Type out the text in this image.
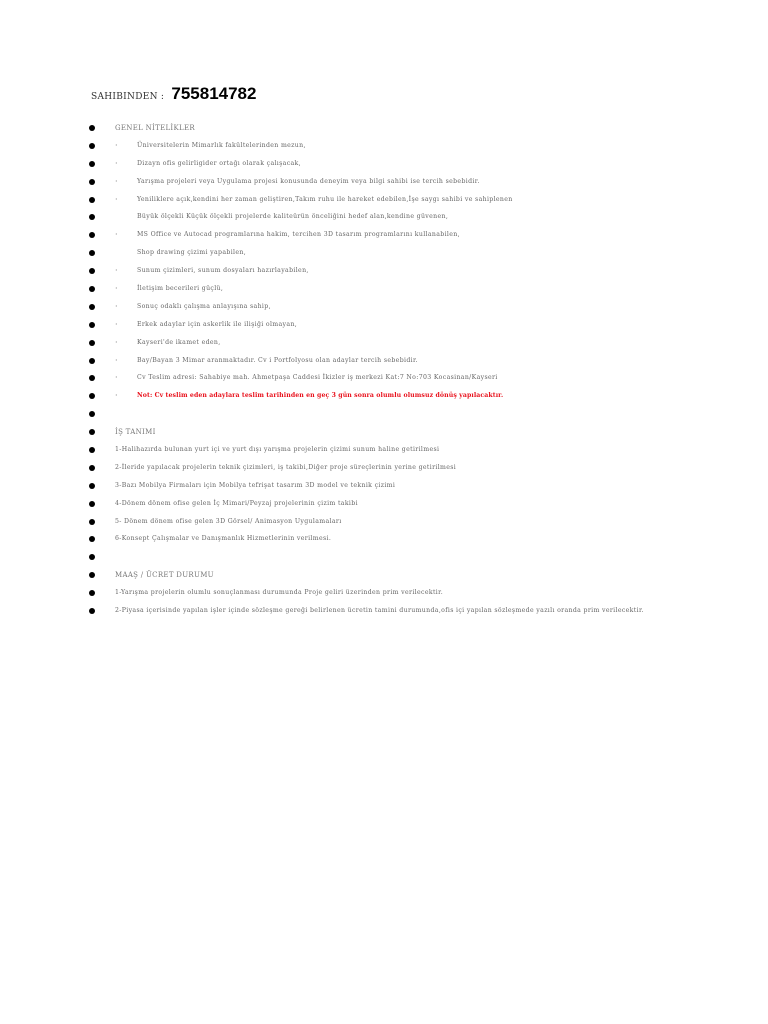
SAHIBINDEN : 755814782
GENEL NİTELİKLER
·	Üniversitelerin Mimarlık fakültelerinden mezun,
·	Dizayn ofis gelirligider ortağı olarak çalışacak,
·	Yarışma projeleri veya Uygulama projesi konusunda deneyim veya bilgi sahibi ise tercih sebebidir.
·	Yeniliklere açık,kendini her zaman geliştiren,Takım ruhu ile hareket edebilen,İşe saygı sahibi ve sahiplenen
Büyük ölçekli Küçük ölçekli projelerde kaliteürün önceliğini hedef alan,kendine güvenen,
·	MS Office ve Autocad programlarına hakim, tercihen 3D tasarım programlarını kullanabilen,
Shop drawing çizimi yapabilen,
·	Sunum çizimleri, sunum dosyaları hazırlayabilen,
·	İletişim becerileri güçlü,
·	Sonuç odaklı çalışma anlayışına sahip,
·	Erkek adaylar için askerlik ile ilişiği olmayan,
·	Kayseri'de ikamet eden,
·	Bay/Bayan 3 Mimar aranmaktadır. Cv i Portfolyosu olan adaylar tercih sebebidir.
·	Cv Teslim adresi: Sahabiye mah. Ahmetpaşa Caddesi İkizler iş merkezi Kat:7 No:703 Kocasinan/Kayseri
·	Not: Cv teslim eden adaylara teslim tarihinden en geç 3 gün sonra olumlu olumsuz dönüş yapılacaktır.
İŞ TANIMI
1-Halihazırda bulunan yurt içi ve yurt dışı yarışma projelerin çizimi sunum haline getirilmesi
2-İleride yapılacak projelerin teknik çizimleri, iş takibi,Diğer proje süreçlerinin yerine getirilmesi
3-Bazı Mobilya Firmaları için Mobilya tefrişat tasarım 3D model ve teknik çizimi
4-Dönem dönem ofise gelen İç Mimari/Peyzaj projelerinin çizim takibi
5- Dönem dönem ofise gelen 3D Görsel/ Animasyon Uygulamaları
6-Konsept Çalışmalar ve Danışmanlık Hizmetlerinin verilmesi.
MAAŞ / ÜCRET DURUMU
1-Yarışma projelerin olumlu sonuçlanması durumunda Proje geliri üzerinden prim verilecektir.
2-Piyasa içerisinde yapılan işler içinde sözleşme gereği belirlenen ücretin tamini durumunda,ofis içi yapılan sözleşmede yazılı oranda prim verilecektir.
